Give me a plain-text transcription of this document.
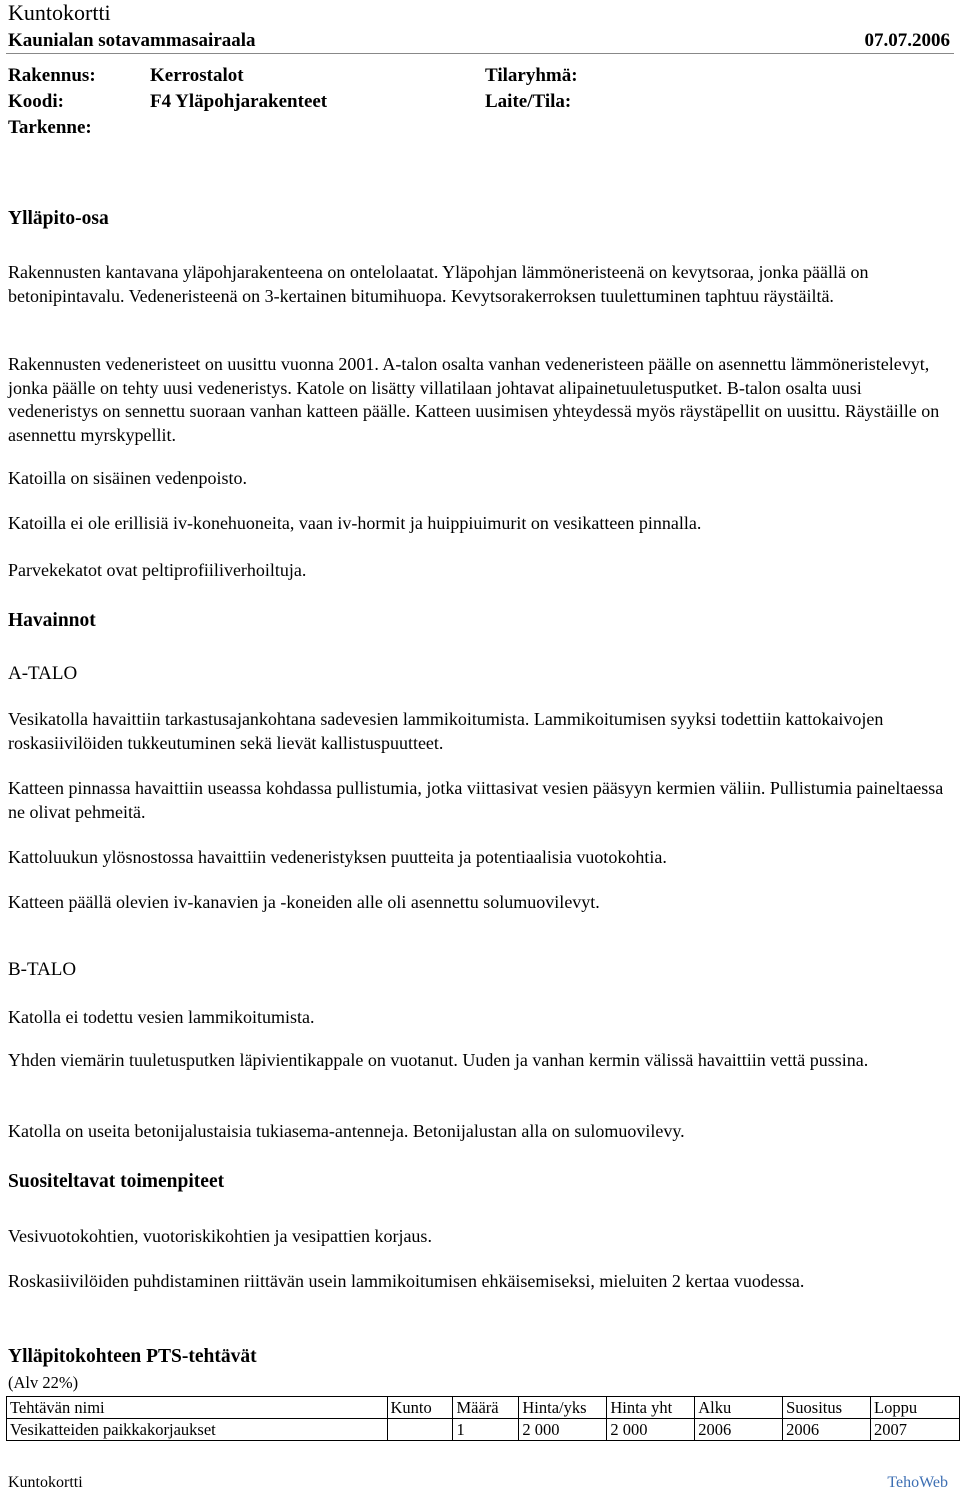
Kuntokortti
Kaunialan sotavammasairaala	07.07.2006
Rakennus:	Kerrostalot	Tilaryhmä:
Koodi:	F4 Yläpohjarakenteet	Laite/Tila:
Tarkenne:
Ylläpito-osa
Rakennusten kantavana yläpohjarakenteena on ontelolaatat. Yläpohjan lämmöneristeenä on kevytsoraa, jonka päällä on betonipintavalu. Vedeneristeenä on 3-kertainen bitumihuopa. Kevytsorakerroksen tuulettuminen taphtuu räystäiltä.
Rakennusten vedeneristeet on uusittu vuonna 2001. A-talon osalta vanhan vedeneristeen päälle on asennettu lämmöneristelevyt, jonka päälle on tehty uusi vedeneristys. Katole on lisätty villatilaan johtavat alipainetuuletusputket. B-talon osalta uusi vedeneristys on sennettu suoraan vanhan katteen päälle. Katteen uusimisen yhteydessä myös räystäpellit on uusittu. Räystäille on asennettu myrskypellit.
Katoilla on sisäinen vedenpoisto.
Katoilla ei ole erillisiä iv-konehuoneita, vaan iv-hormit ja huippiuimurit on vesikatteen pinnalla.
Parvekekatot ovat peltiprofiiliverhoiltuja.
Havainnot
A-TALO
Vesikatolla havaittiin tarkastusajankohtana sadevesien lammikoitumista. Lammikoitumisen syyksi todettiin kattokaivojen roskasiivilöiden tukkeutuminen sekä lievät kallistuspuutteet.
Katteen pinnassa havaittiin useassa kohdassa pullistumia, jotka viittasivat vesien pääsyyn kermien väliin. Pullistumia paineltaessa ne olivat pehmeitä.
Kattoluukun ylösnostossa havaittiin vedeneristyksen puutteita ja potentiaalisia vuotokohtia.
Katteen päällä olevien iv-kanavien ja -koneiden alle oli asennettu solumuovilevyt.
B-TALO
Katolla ei todettu vesien lammikoitumista.
Yhden viemärin tuuletusputken läpivientikappale on vuotanut. Uuden ja vanhan kermin välissä havaittiin vettä pussina.
Katolla on useita betonijalustaisia tukiasema-antenneja. Betonijalustan alla on sulomuovilevy.
Suositeltavat toimenpiteet
Vesivuotokohtien, vuotoriskikohtien ja vesipattien korjaus.
Roskasiivilöiden puhdistaminen riittävän usein lammikoitumisen ehkäisemiseksi, mieluiten 2 kertaa vuodessa.
Ylläpitokohteen PTS-tehtävät
(Alv 22%)
Tehtävän nimi	Kunto	Määrä	Hinta/yks	Hinta yht	Alku	Suositus	Loppu
Vesikatteiden paikkakorjaukset		1	2 000	2 000	2006	2006	2007
Kuntokortti	TehoWeb
